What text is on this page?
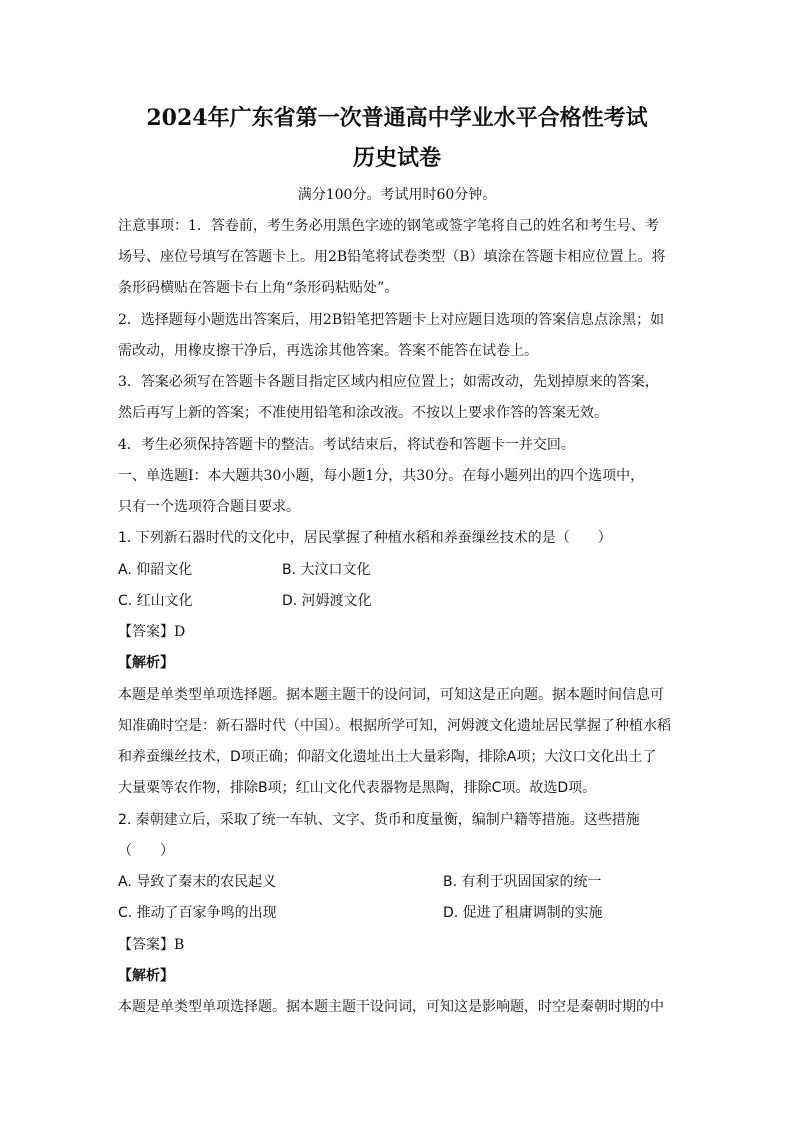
2024年广东省第一次普通高中学业水平合格性考试
历史试卷
满分100分。考试用时60分钟。
注意事项：1．答卷前，考生务必用黑色字迹的钢笔或签字笔将自己的姓名和考生号、考
场号、座位号填写在答题卡上。用2B铅笔将试卷类型（B）填涂在答题卡相应位置上。将
条形码横贴在答题卡右上角“条形码粘贴处”。
2．选择题每小题选出答案后，用2B铅笔把答题卡上对应题目选项的答案信息点涂黑；如
需改动，用橡皮擦干净后，再选涂其他答案。答案不能答在试卷上。
3．答案必须写在答题卡各题目指定区域内相应位置上；如需改动，先划掉原来的答案，
然后再写上新的答案；不准使用铅笔和涂改液。不按以上要求作答的答案无效。
4．考生必须保持答题卡的整洁。考试结束后，将试卷和答题卡一并交回。
一、单选题I：本大题共30小题，每小题1分，共30分。在每小题列出的四个选项中，
只有一个选项符合题目要求。
1. 下列新石器时代的文化中，居民掌握了种植水稻和养蚕缫丝技术的是（　　）
A. 仰韶文化	B. 大汶口文化
C. 红山文化	D. 河姆渡文化
【答案】D
【解析】
本题是单类型单项选择题。据本题主题干的设问词，可知这是正向题。据本题时间信息可
知准确时空是：新石器时代（中国）。根据所学可知，河姆渡文化遗址居民掌握了种植水稻
和养蚕缫丝技术，D项正确；仰韶文化遗址出土大量彩陶，排除A项；大汶口文化出土了
大量粟等农作物，排除B项；红山文化代表器物是黑陶，排除C项。故选D项。
2. 秦朝建立后，采取了统一车轨、文字、货币和度量衡，编制户籍等措施。这些措施
（　　）
A. 导致了秦末的农民起义	B. 有利于巩固国家的统一
C. 推动了百家争鸣的出现	D. 促进了租庸调制的实施
【答案】B
【解析】
本题是单类型单项选择题。据本题主题干设问词，可知这是影响题，时空是秦朝时期的中
